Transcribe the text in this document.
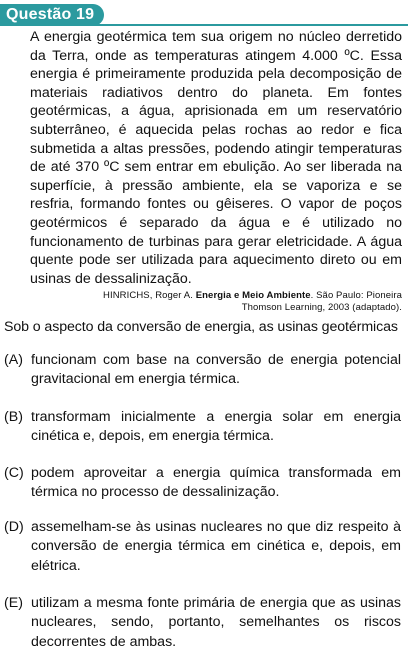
Questão 19

A energia geotérmica tem sua origem no núcleo derretido da Terra, onde as temperaturas atingem 4.000 ºC. Essa energia é primeiramente produzida pela decomposição de materiais radiativos dentro do planeta. Em fontes geotérmicas, a água, aprisionada em um reservatório subterrâneo, é aquecida pelas rochas ao redor e fica submetida a altas pressões, podendo atingir temperaturas de até 370 ºC sem entrar em ebulição. Ao ser liberada na superfície, à pressão ambiente, ela se vaporiza e se resfria, formando fontes ou gêiseres. O vapor de poços geotérmicos é separado da água e é utilizado no funcionamento de turbinas para gerar eletricidade. A água quente pode ser utilizada para aquecimento direto ou em usinas de dessalinização.

HINRICHS, Roger A. Energia e Meio Ambiente. São Paulo: Pioneira
Thomson Learning, 2003 (adaptado).

Sob o aspecto da conversão de energia, as usinas geotérmicas

(A) funcionam com base na conversão de energia potencial gravitacional em energia térmica.
(B) transformam inicialmente a energia solar em energia cinética e, depois, em energia térmica.
(C) podem aproveitar a energia química transformada em térmica no processo de dessalinização.
(D) assemelham-se às usinas nucleares no que diz respeito à conversão de energia térmica em cinética e, depois, em elétrica.
(E) utilizam a mesma fonte primária de energia que as usinas nucleares, sendo, portanto, semelhantes os riscos decorrentes de ambas.
